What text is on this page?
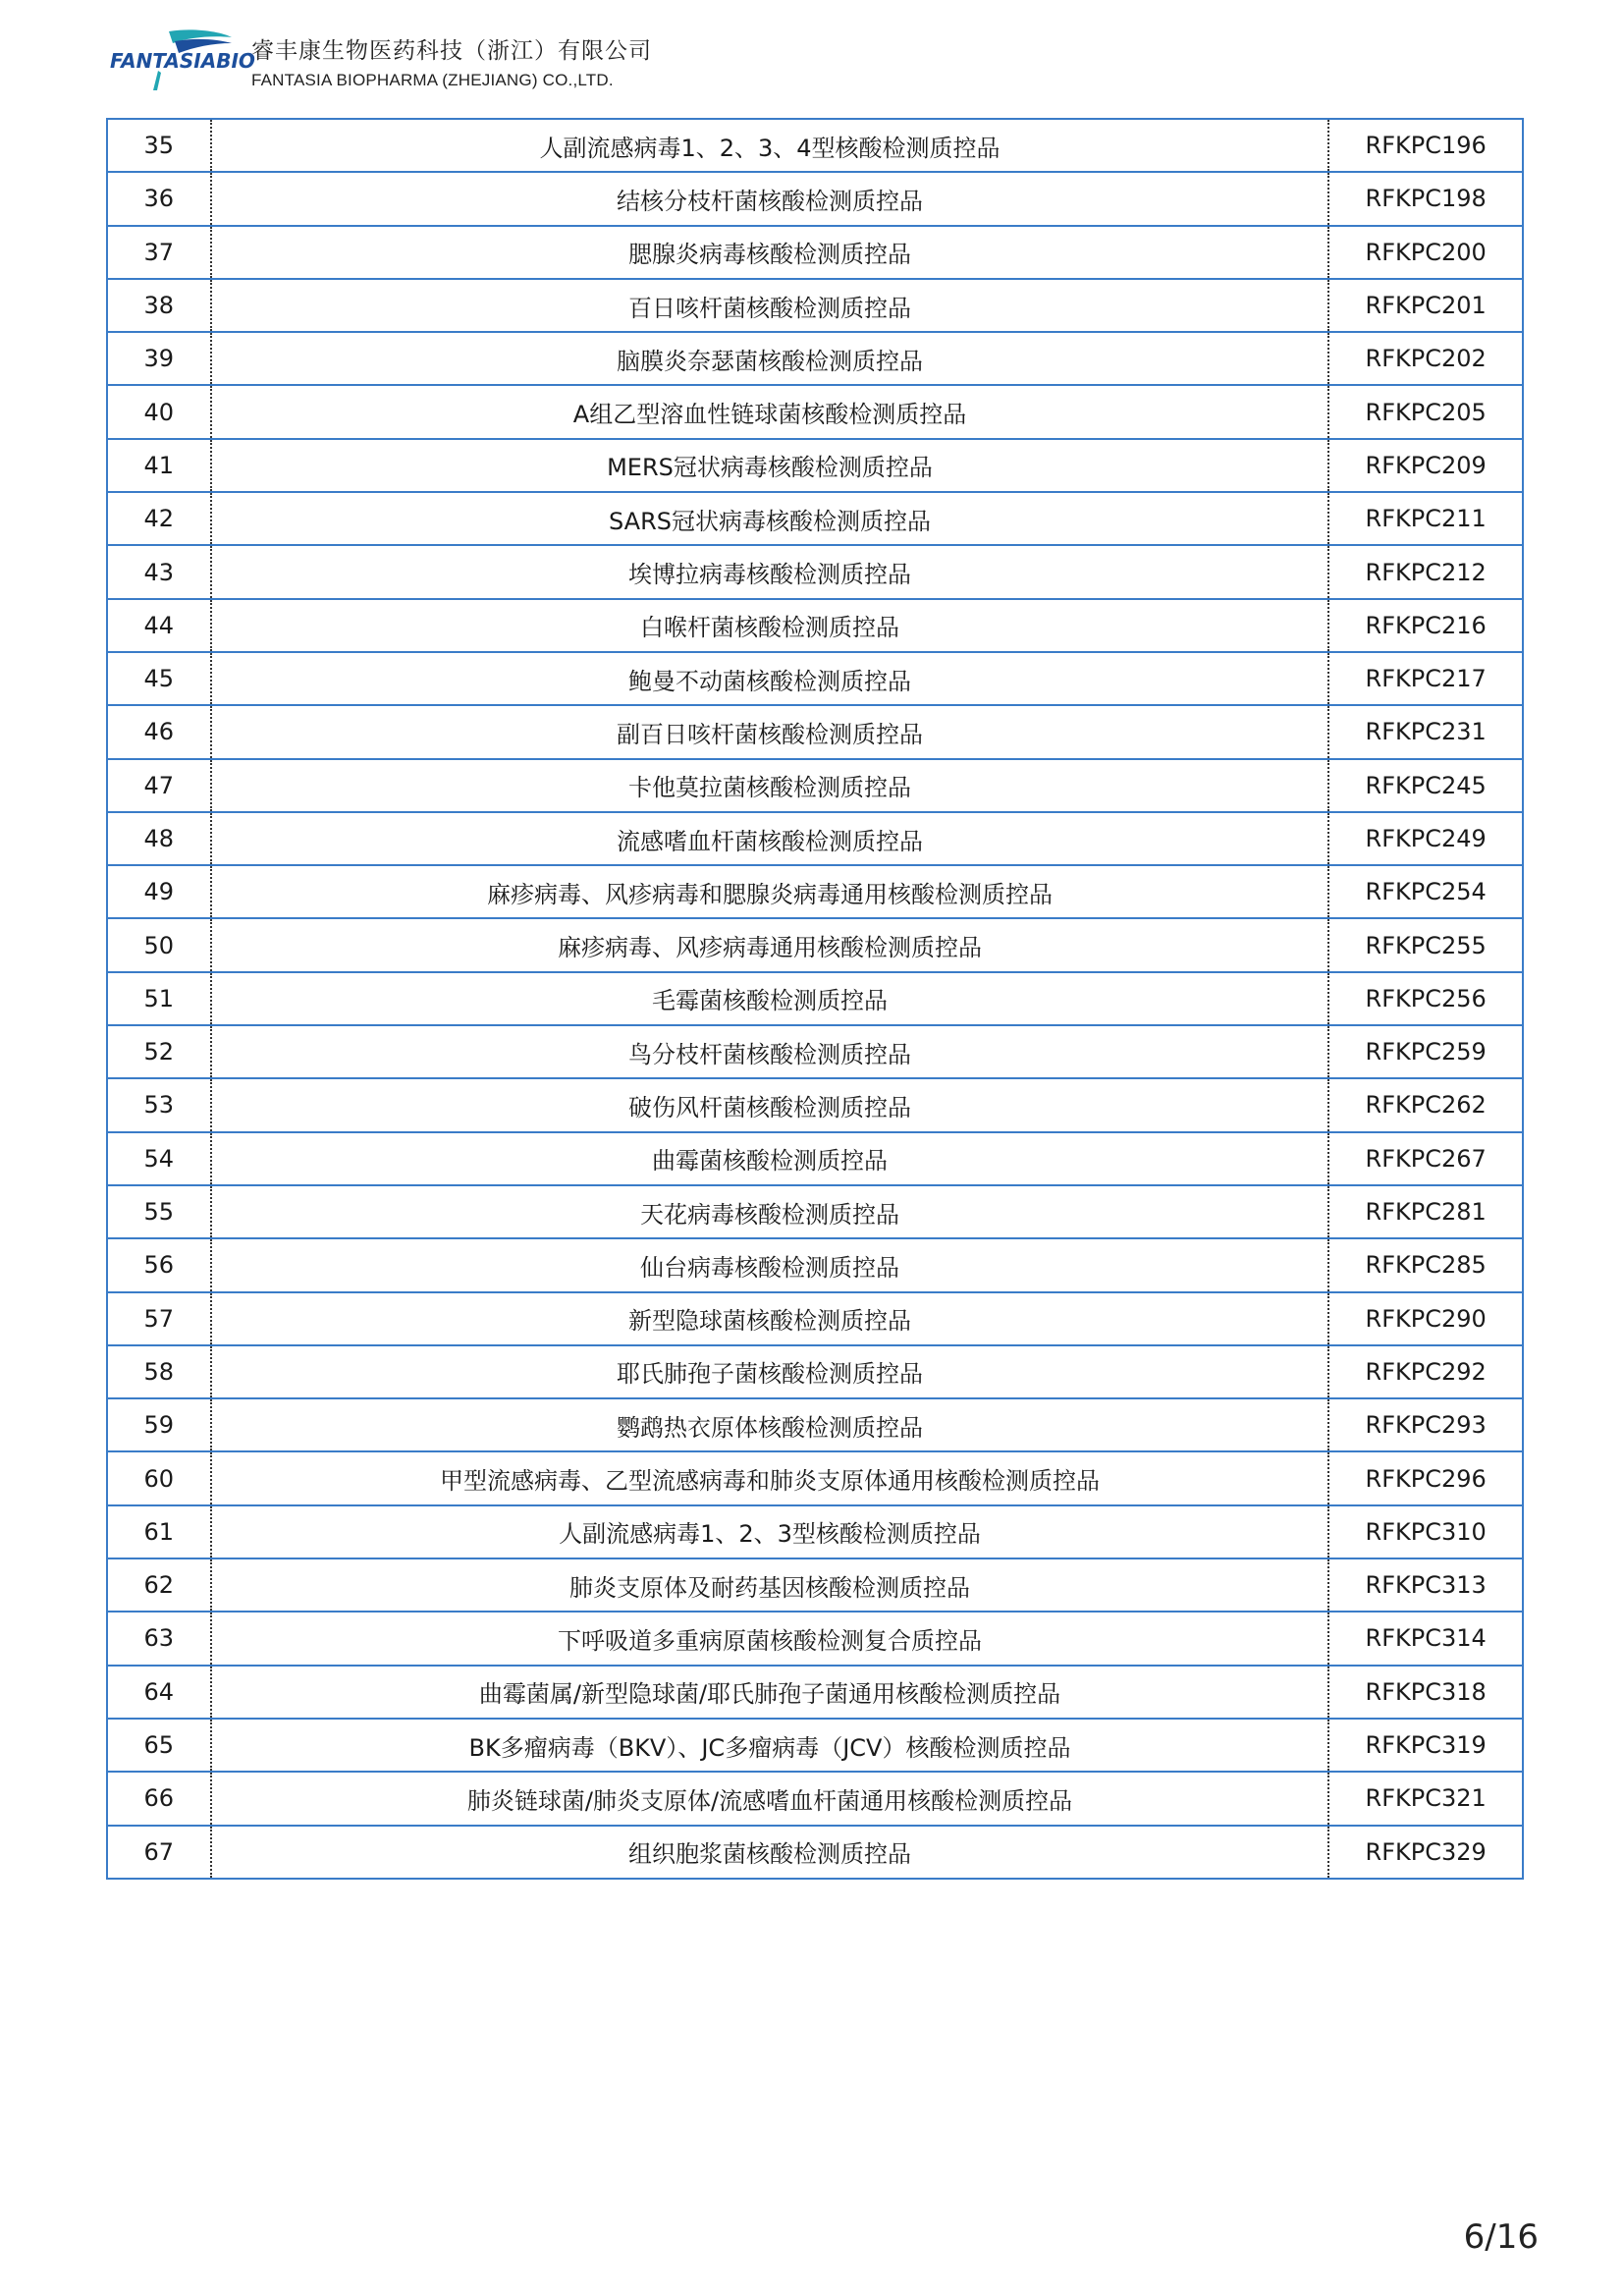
FANTASIABIO
睿丰康生物医药科技（浙江）有限公司
FANTASIA BIOPHARMA (ZHEJIANG) CO.,LTD.
35	人副流感病毒1、2、3、4型核酸检测质控品	RFKPC196
36	结核分枝杆菌核酸检测质控品	RFKPC198
37	腮腺炎病毒核酸检测质控品	RFKPC200
38	百日咳杆菌核酸检测质控品	RFKPC201
39	脑膜炎奈瑟菌核酸检测质控品	RFKPC202
40	A组乙型溶血性链球菌核酸检测质控品	RFKPC205
41	MERS冠状病毒核酸检测质控品	RFKPC209
42	SARS冠状病毒核酸检测质控品	RFKPC211
43	埃博拉病毒核酸检测质控品	RFKPC212
44	白喉杆菌核酸检测质控品	RFKPC216
45	鲍曼不动菌核酸检测质控品	RFKPC217
46	副百日咳杆菌核酸检测质控品	RFKPC231
47	卡他莫拉菌核酸检测质控品	RFKPC245
48	流感嗜血杆菌核酸检测质控品	RFKPC249
49	麻疹病毒、风疹病毒和腮腺炎病毒通用核酸检测质控品	RFKPC254
50	麻疹病毒、风疹病毒通用核酸检测质控品	RFKPC255
51	毛霉菌核酸检测质控品	RFKPC256
52	鸟分枝杆菌核酸检测质控品	RFKPC259
53	破伤风杆菌核酸检测质控品	RFKPC262
54	曲霉菌核酸检测质控品	RFKPC267
55	天花病毒核酸检测质控品	RFKPC281
56	仙台病毒核酸检测质控品	RFKPC285
57	新型隐球菌核酸检测质控品	RFKPC290
58	耶氏肺孢子菌核酸检测质控品	RFKPC292
59	鹦鹉热衣原体核酸检测质控品	RFKPC293
60	甲型流感病毒、乙型流感病毒和肺炎支原体通用核酸检测质控品	RFKPC296
61	人副流感病毒1、2、3型核酸检测质控品	RFKPC310
62	肺炎支原体及耐药基因核酸检测质控品	RFKPC313
63	下呼吸道多重病原菌核酸检测复合质控品	RFKPC314
64	曲霉菌属/新型隐球菌/耶氏肺孢子菌通用核酸检测质控品	RFKPC318
65	BK多瘤病毒（BKV）、JC多瘤病毒（JCV）核酸检测质控品	RFKPC319
66	肺炎链球菌/肺炎支原体/流感嗜血杆菌通用核酸检测质控品	RFKPC321
67	组织胞浆菌核酸检测质控品	RFKPC329
6/16
